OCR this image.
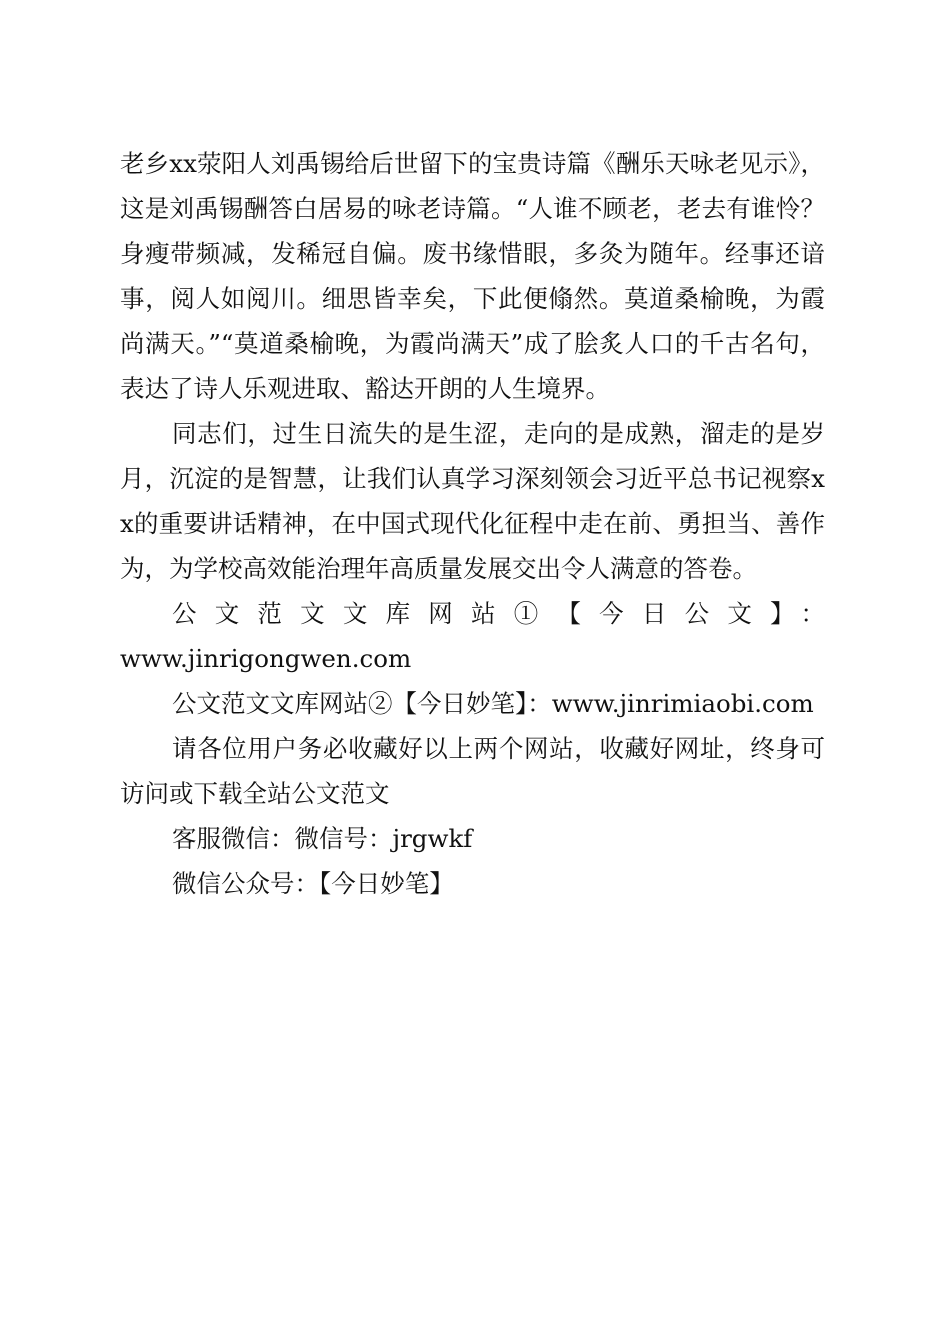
老乡xx荥阳人刘禹锡给后世留下的宝贵诗篇《酬乐天咏老见示》，这是刘禹锡酬答白居易的咏老诗篇。“人谁不顾老，老去有谁怜？身瘦带频减，发稀冠自偏。废书缘惜眼，多灸为随年。经事还谙事，阅人如阅川。细思皆幸矣，下此便翛然。莫道桑榆晚，为霞尚满天。”“莫道桑榆晚，为霞尚满天”成了脍炙人口的千古名句，表达了诗人乐观进取、豁达开朗的人生境界。

同志们，过生日流失的是生涩，走向的是成熟，溜走的是岁月，沉淀的是智慧，让我们认真学习深刻领会习近平总书记视察xx的重要讲话精神，在中国式现代化征程中走在前、勇担当、善作为，为学校高效能治理年高质量发展交出令人满意的答卷。

公文范文文库网站①【今日公文】：

www.jinrigongwen.com

公文范文文库网站②【今日妙笔】：www.jinrimiaobi.com

请各位用户务必收藏好以上两个网站，收藏好网址，终身可访问或下载全站公文范文

客服微信：微信号：jrgwkf

微信公众号：【今日妙笔】
